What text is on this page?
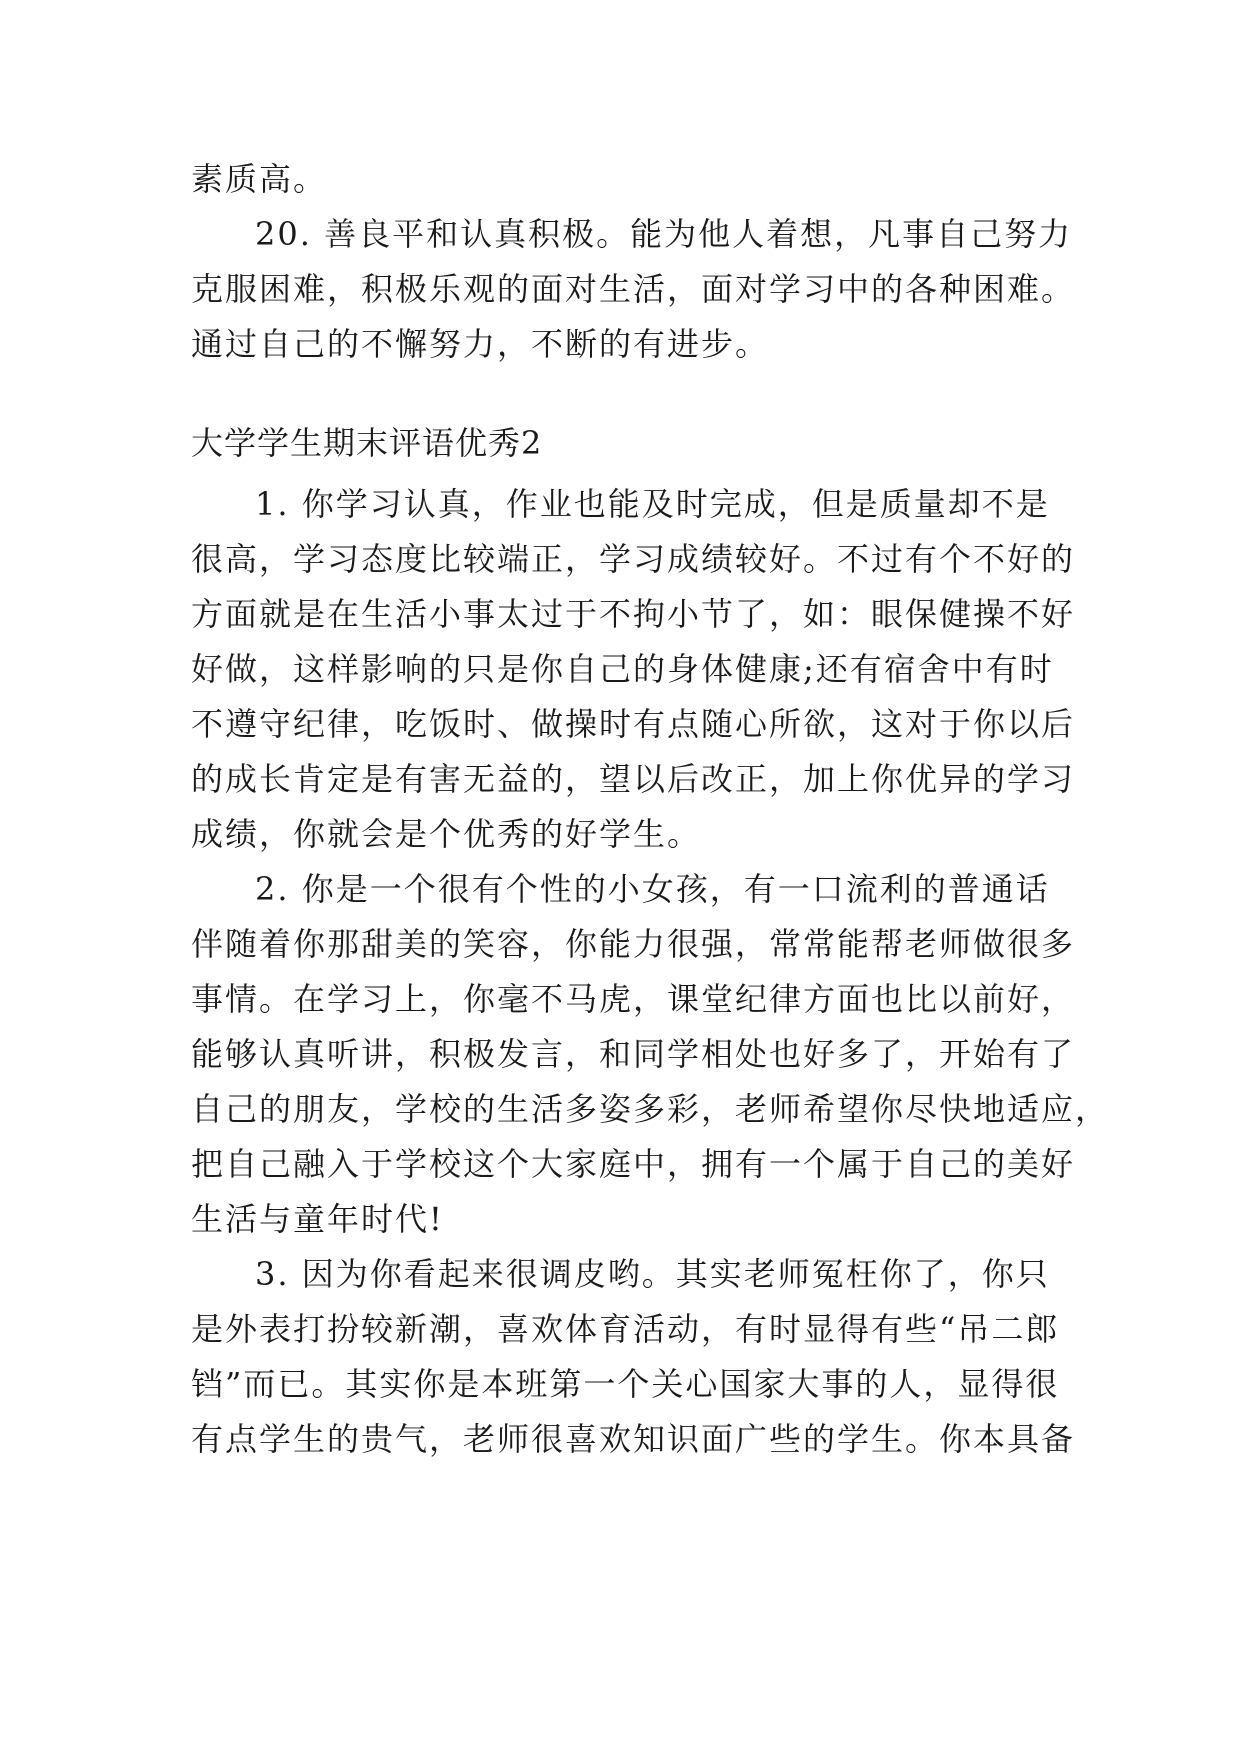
素质高。
20. 善良平和认真积极。能为他人着想，凡事自己努力
克服困难，积极乐观的面对生活，面对学习中的各种困难。
通过自己的不懈努力，不断的有进步。
大学学生期末评语优秀2
1. 你学习认真，作业也能及时完成，但是质量却不是
很高，学习态度比较端正，学习成绩较好。不过有个不好的
方面就是在生活小事太过于不拘小节了，如：眼保健操不好
好做，这样影响的只是你自己的身体健康;还有宿舍中有时
不遵守纪律，吃饭时、做操时有点随心所欲，这对于你以后
的成长肯定是有害无益的，望以后改正，加上你优异的学习
成绩，你就会是个优秀的好学生。
2. 你是一个很有个性的小女孩，有一口流利的普通话
伴随着你那甜美的笑容，你能力很强，常常能帮老师做很多
事情。在学习上，你毫不马虎，课堂纪律方面也比以前好，
能够认真听讲，积极发言，和同学相处也好多了，开始有了
自己的朋友，学校的生活多姿多彩，老师希望你尽快地适应，
把自己融入于学校这个大家庭中，拥有一个属于自己的美好
生活与童年时代!
3. 因为你看起来很调皮哟。其实老师冤枉你了，你只
是外表打扮较新潮，喜欢体育活动，有时显得有些“吊二郎
铛”而已。其实你是本班第一个关心国家大事的人，显得很
有点学生的贵气，老师很喜欢知识面广些的学生。你本具备
